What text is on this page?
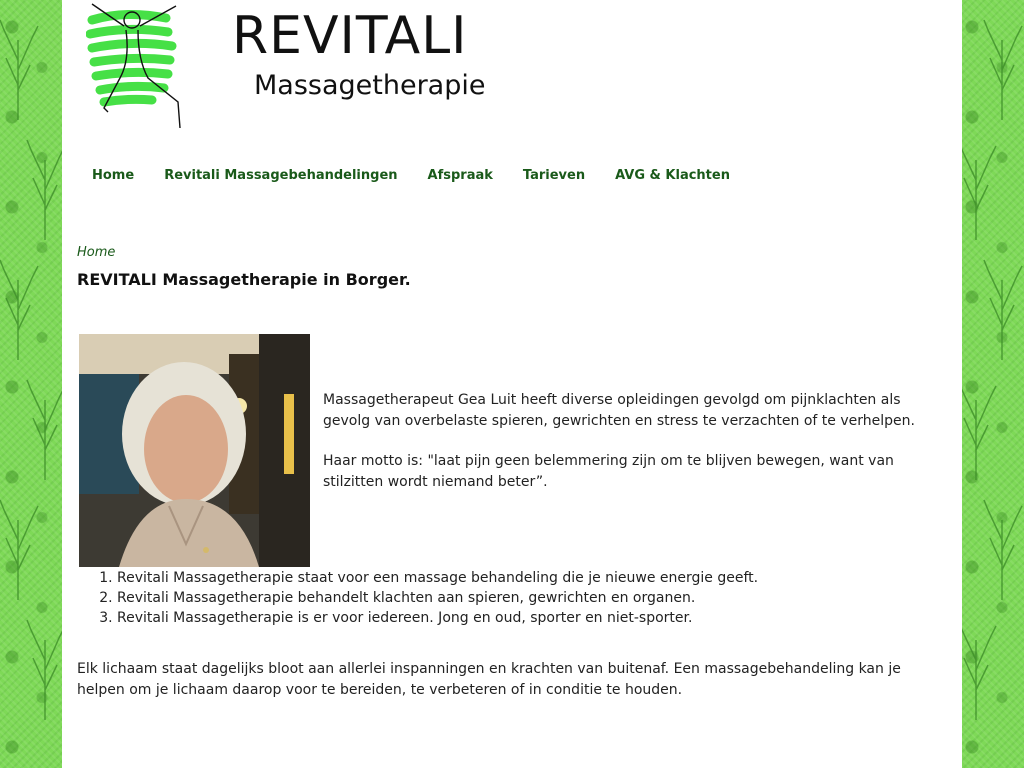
REVITALI
Massagetherapie
Home Revitali Massagebehandelingen Afspraak Tarieven AVG & Klachten
Home
REVITALI Massagetherapie in Borger.

Massagetherapeut Gea Luit heeft diverse opleidingen gevolgd om pijnklachten als gevolg van overbelaste spieren, gewrichten en stress te verzachten of te verhelpen.

Haar motto is: "laat pijn geen belemmering zijn om te blijven bewegen, want van stilzitten wordt niemand beter”.

1. Revitali Massagetherapie staat voor een massage behandeling die je nieuwe energie geeft.
2. Revitali Massagetherapie behandelt klachten aan spieren, gewrichten en organen.
3. Revitali Massagetherapie is er voor iedereen. Jong en oud, sporter en niet-sporter.

Elk lichaam staat dagelijks bloot aan allerlei inspanningen en krachten van buitenaf. Een massagebehandeling kan je helpen om je lichaam daarop voor te bereiden, te verbeteren of in conditie te houden.
